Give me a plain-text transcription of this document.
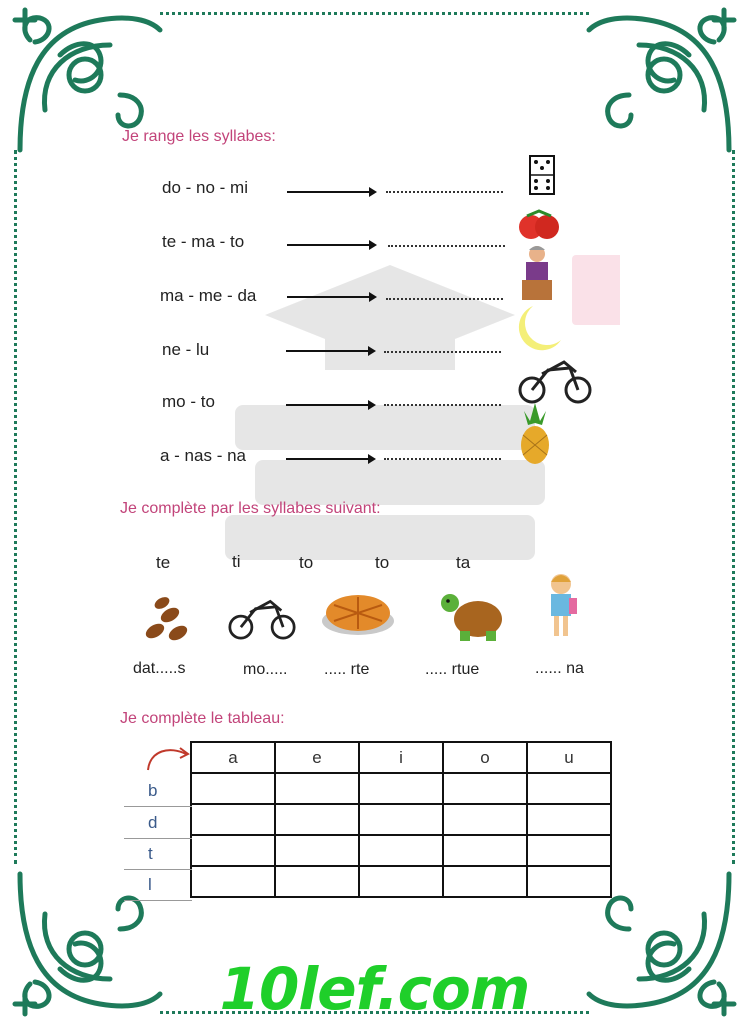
Je range les syllabes:
do - no - mi
te - ma - to
ma - me - da
ne - lu
mo - to
a - nas - na
Je complète par les syllabes suivant:
te	ti	to	to	ta
dat.....s	mo..... ..... rte	..... rtue	...... na
Je complète le tableau:
a	e	i	o	u

b
d
t
l
10lef.com
